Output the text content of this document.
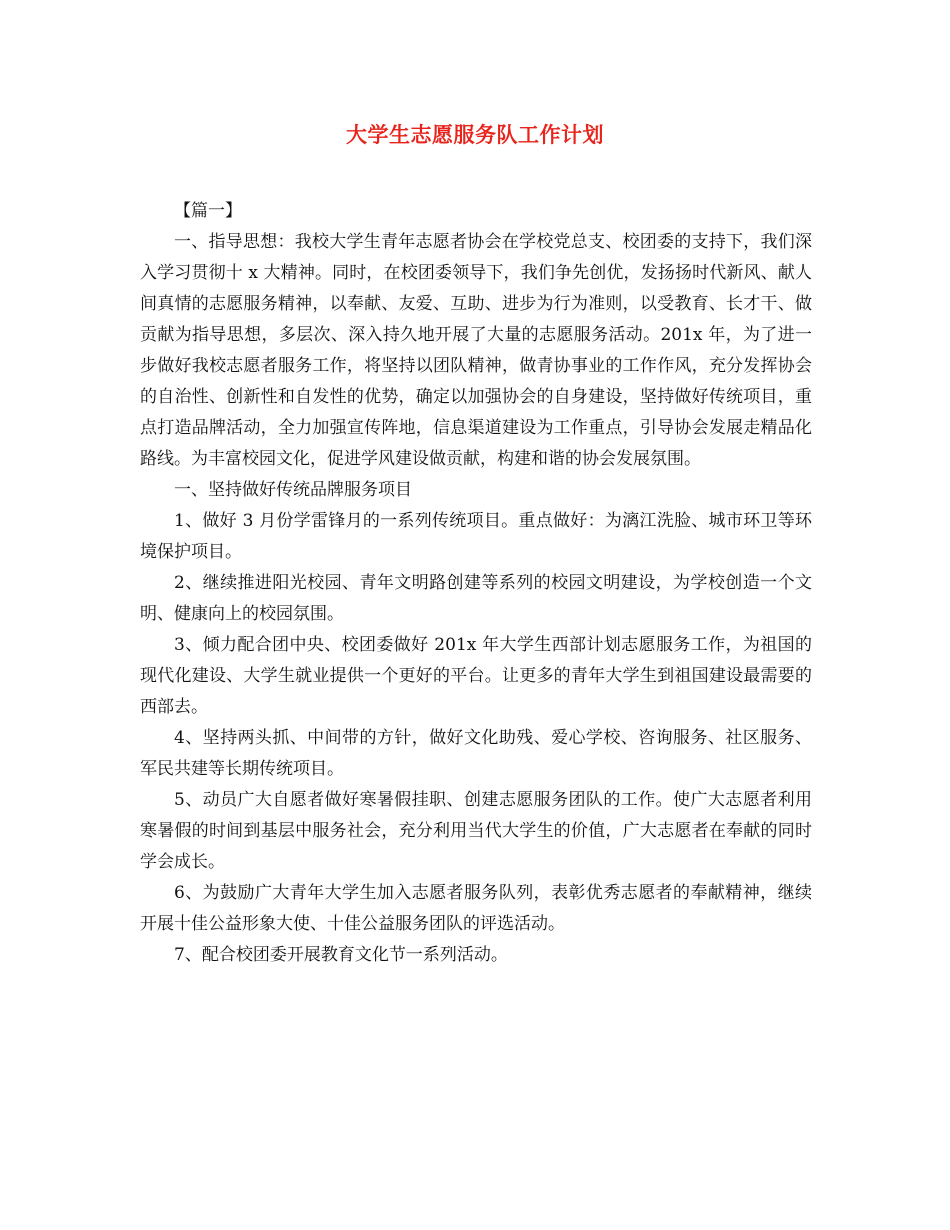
大学生志愿服务队工作计划

【篇一】

一、指导思想：我校大学生青年志愿者协会在学校党总支、校团委的支持下，我们深入学习贯彻十 x 大精神。同时，在校团委领导下，我们争先创优，发扬扬时代新风、献人间真情的志愿服务精神，以奉献、友爱、互助、进步为行为准则，以受教育、长才干、做贡献为指导思想，多层次、深入持久地开展了大量的志愿服务活动。201x 年，为了进一步做好我校志愿者服务工作，将坚持以团队精神，做青协事业的工作作风，充分发挥协会的自治性、创新性和自发性的优势，确定以加强协会的自身建设，坚持做好传统项目，重点打造品牌活动，全力加强宣传阵地，信息渠道建设为工作重点，引导协会发展走精品化路线。为丰富校园文化，促进学风建设做贡献，构建和谐的协会发展氛围。

一、坚持做好传统品牌服务项目

1、做好 3 月份学雷锋月的一系列传统项目。重点做好：为漓江洗脸、城市环卫等环境保护项目。

2、继续推进阳光校园、青年文明路创建等系列的校园文明建设，为学校创造一个文明、健康向上的校园氛围。

3、倾力配合团中央、校团委做好 201x 年大学生西部计划志愿服务工作，为祖国的现代化建设、大学生就业提供一个更好的平台。让更多的青年大学生到祖国建设最需要的西部去。

4、坚持两头抓、中间带的方针，做好文化助残、爱心学校、咨询服务、社区服务、军民共建等长期传统项目。

5、动员广大自愿者做好寒暑假挂职、创建志愿服务团队的工作。使广大志愿者利用寒暑假的时间到基层中服务社会，充分利用当代大学生的价值，广大志愿者在奉献的同时学会成长。

6、为鼓励广大青年大学生加入志愿者服务队列，表彰优秀志愿者的奉献精神，继续开展十佳公益形象大使、十佳公益服务团队的评选活动。

7、配合校团委开展教育文化节一系列活动。
